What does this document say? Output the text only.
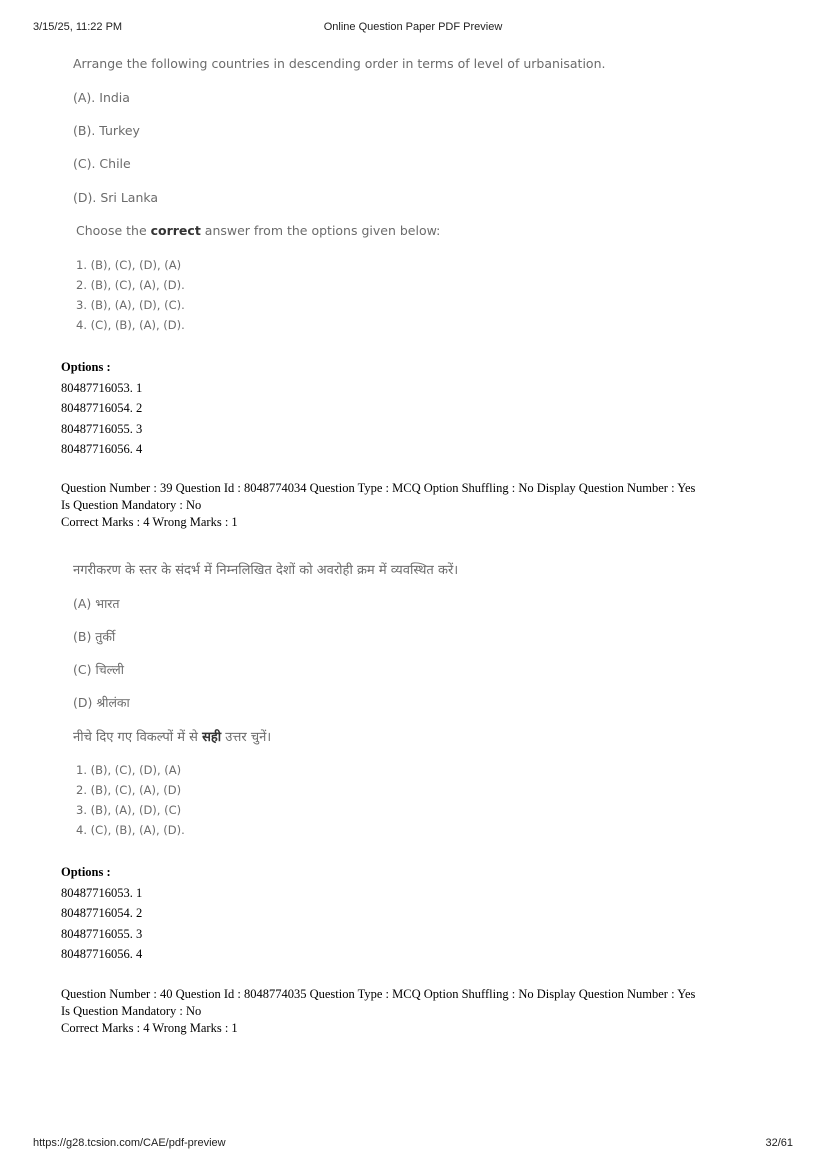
3/15/25, 11:22 PM	Online Question Paper PDF Preview
https://g28.tcsion.com/CAE/pdf-preview	32/61
Arrange the following countries in descending order in terms of level of urbanisation.
(A). India
(B). Turkey
(C). Chile
(D). Sri Lanka
Choose the correct answer from the options given below:
1. (B), (C), (D), (A)
2. (B), (C), (A), (D).
3. (B), (A), (D), (C).
4. (C), (B), (A), (D).
Options :
80487716053. 1
80487716054. 2
80487716055. 3
80487716056. 4
Question Number : 39 Question Id : 8048774034 Question Type : MCQ Option Shuffling : No Display Question Number : Yes
Is Question Mandatory : No
Correct Marks : 4 Wrong Marks : 1
नगरीकरण के स्तर के संदर्भ में निम्नलिखित देशों को अवरोही क्रम में व्यवस्थित करें।
(A) भारत
(B) तुर्की
(C) चिल्ली
(D) श्रीलंका
नीचे दिए गए विकल्पों में से सही उत्तर चुनें।
1. (B), (C), (D), (A)
2. (B), (C), (A), (D)
3. (B), (A), (D), (C)
4. (C), (B), (A), (D).
Options :
80487716053. 1
80487716054. 2
80487716055. 3
80487716056. 4
Question Number : 40 Question Id : 8048774035 Question Type : MCQ Option Shuffling : No Display Question Number : Yes
Is Question Mandatory : No
Correct Marks : 4 Wrong Marks : 1
